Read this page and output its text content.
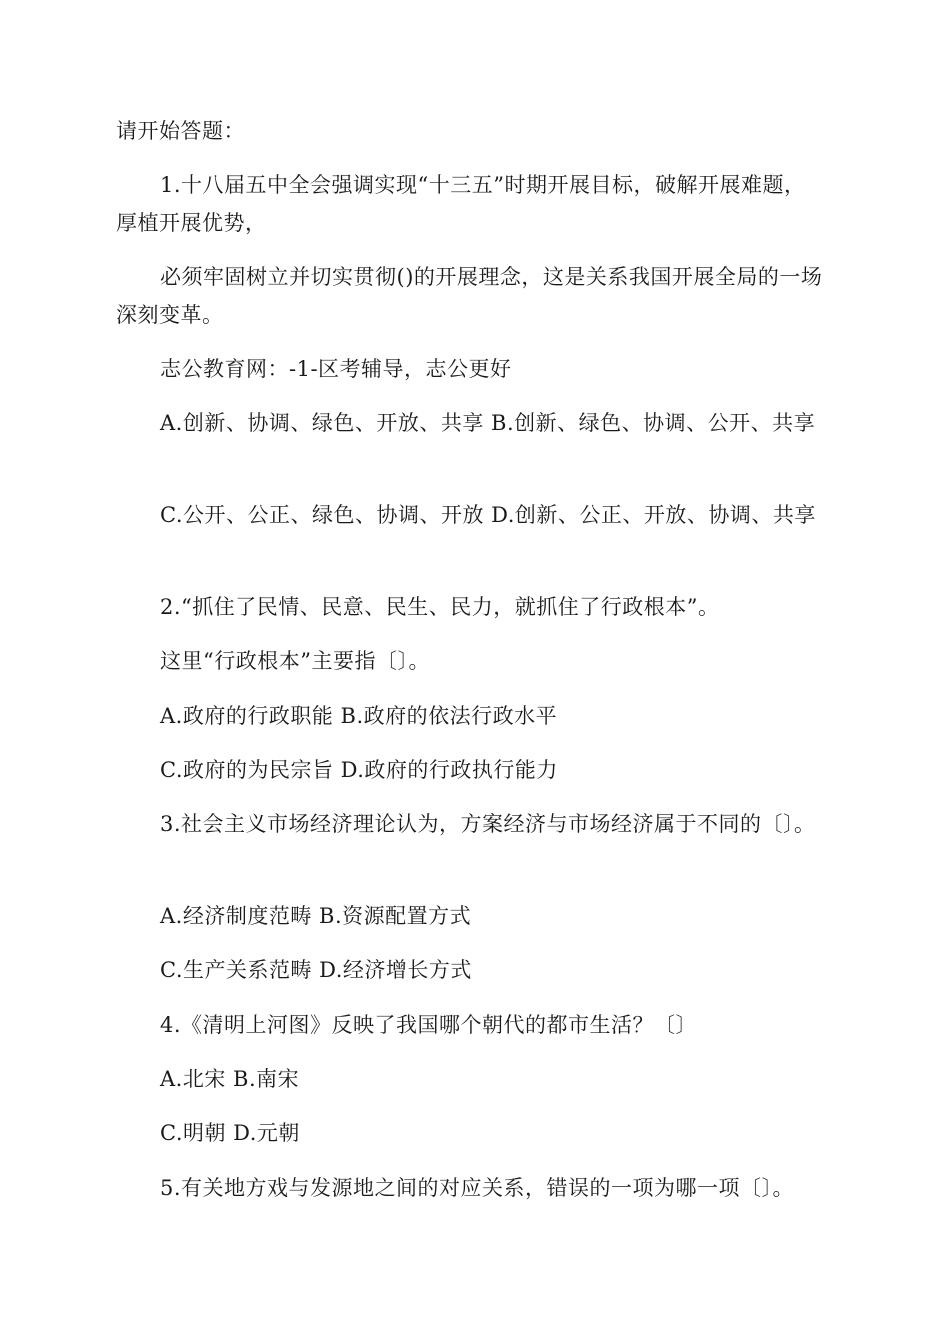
请开始答题：

1.十八届五中全会强调实现“十三五”时期开展目标，破解开展难题，厚植开展优势，

必须牢固树立并切实贯彻()的开展理念，这是关系我国开展全局的一场深刻变革。

志公教育网：-1-区考辅导，志公更好

A.创新、协调、绿色、开放、共享 B.创新、绿色、协调、公开、共享

C.公开、公正、绿色、协调、开放 D.创新、公正、开放、协调、共享

2.“抓住了民情、民意、民生、民力，就抓住了行政根本”。
这里“行政根本”主要指〔〕。
A.政府的行政职能 B.政府的依法行政水平
C.政府的为民宗旨 D.政府的行政执行能力

3.社会主义市场经济理论认为，方案经济与市场经济属于不同的〔〕。

A.经济制度范畴 B.资源配置方式
C.生产关系范畴 D.经济增长方式
4.《清明上河图》反映了我国哪个朝代的都市生活？〔〕
A.北宋 B.南宋
C.明朝 D.元朝
5.有关地方戏与发源地之间的对应关系，错误的一项为哪一项〔〕。
